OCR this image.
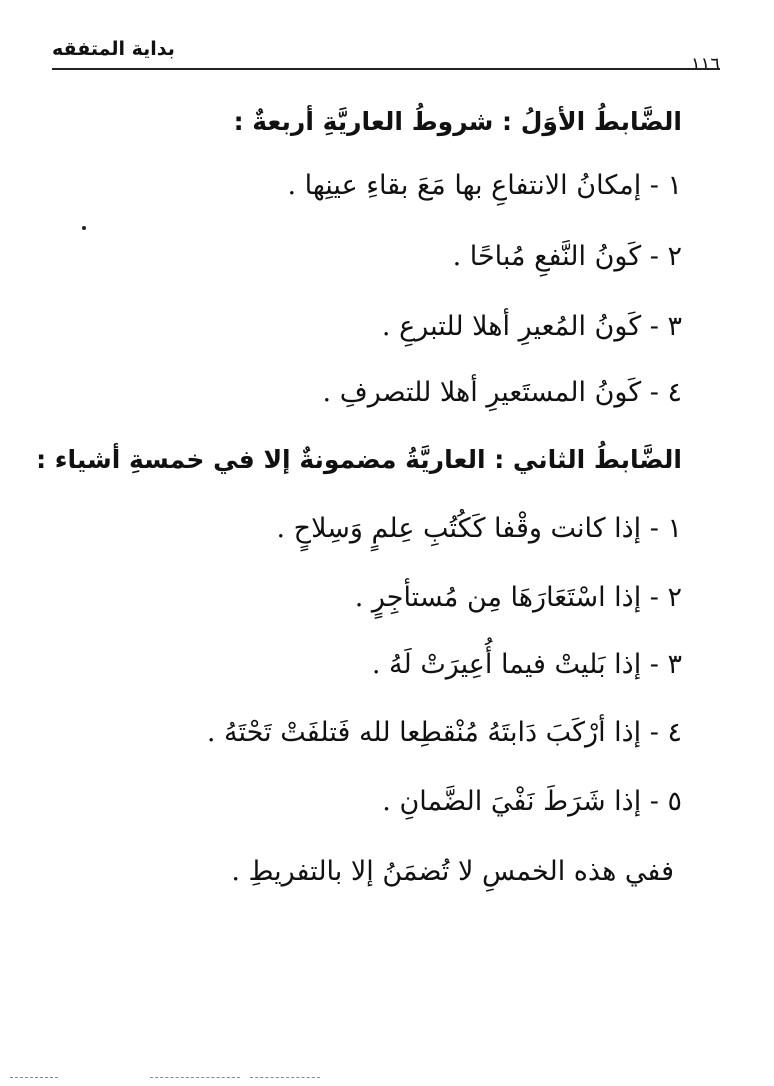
بداية المتفقه
١١٦
الضَّابطُ الأوَلُ : شروطُ العاريَّةِ أربعةٌ :
١ - إمكانُ الانتفاعِ بها مَعَ بقاءِ عينِها .
٢ - كَونُ النَّفعِ مُباحًا .
٣ - كَونُ المُعيرِ أهلا للتبرعِ .
٤ - كَونُ المستَعيرِ أهلا للتصرفِ .
الضَّابطُ الثاني : العاريَّةُ مضمونةٌ إلا في خمسةِ أشياء :
١ - إذا كانت وقْفا كَكُتُبِ عِلمٍ وَسِلاحٍ .
٢ - إذا اسْتَعَارَهَا مِن مُستأجِرٍ .
٣ - إذا بَليتْ فيما أُعِيرَتْ لَهُ .
٤ - إذا أرْكَبَ دَابتَهُ مُنْقطِعا لله فَتلفَتْ تَحْتَهُ .
٥ - إذا شَرَطَ نَفْيَ الضَّمانِ .
ففي هذه الخمسِ لا تُضمَنُ إلا بالتفريطِ .
